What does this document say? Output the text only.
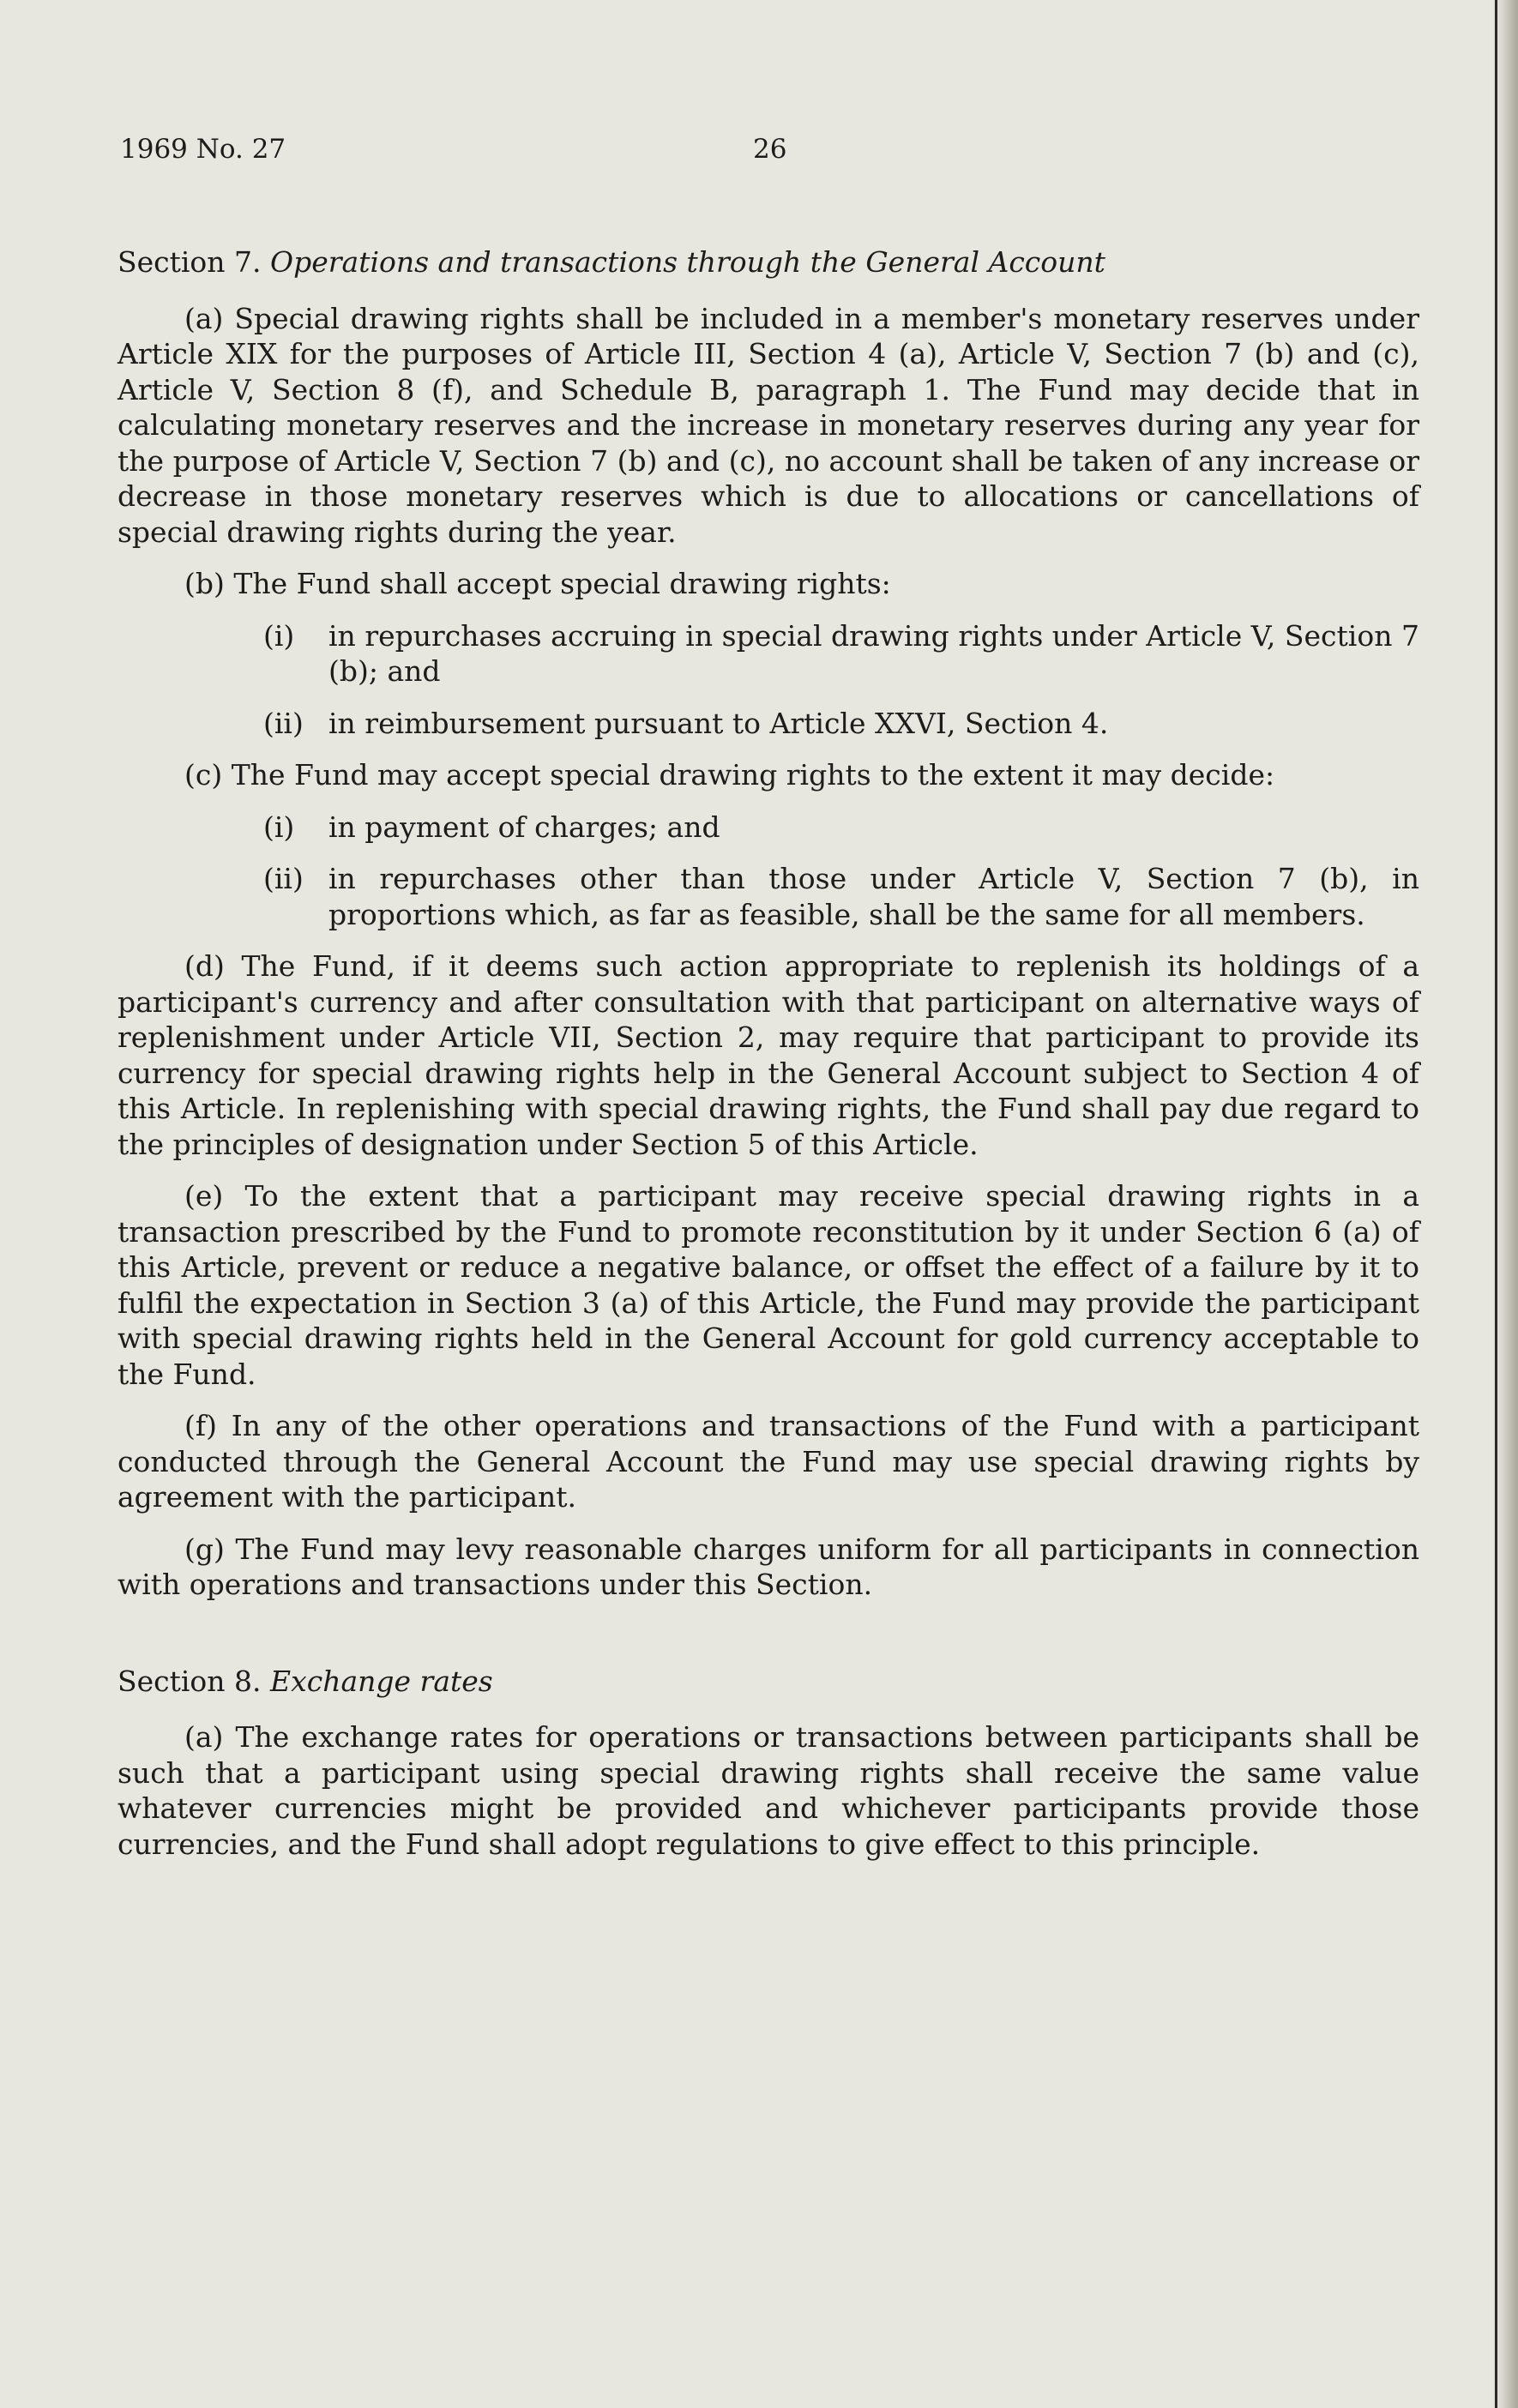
1969 No. 27	26
Section 7. Operations and transactions through the General Account

(a) Special drawing rights shall be included in a member's monetary reserves under Article XIX for the purposes of Article III, Section 4 (a), Article V, Section 7 (b) and (c), Article V, Section 8 (f), and Schedule B, paragraph 1. The Fund may decide that in calculating monetary reserves and the increase in monetary reserves during any year for the purpose of Article V, Section 7 (b) and (c), no account shall be taken of any increase or decrease in those monetary reserves which is due to allocations or cancellations of special drawing rights during the year.

(b) The Fund shall accept special drawing rights:

(i)	in repurchases accruing in special drawing rights under Article V, Section 7 (b); and
(ii) in reimbursement pursuant to Article XXVI, Section 4.

(c) The Fund may accept special drawing rights to the extent it may decide:

(i)	in payment of charges; and
(ii) in repurchases other than those under Article V, Section 7 (b), in proportions which, as far as feasible, shall be the same for all members.

(d) The Fund, if it deems such action appropriate to replenish its holdings of a participant's currency and after consultation with that participant on alternative ways of replenishment under Article VII, Section 2, may require that participant to provide its currency for special drawing rights help in the General Account subject to Section 4 of this Article. In replenishing with special drawing rights, the Fund shall pay due regard to the principles of designation under Section 5 of this Article.

(e) To the extent that a participant may receive special drawing rights in a transaction prescribed by the Fund to promote reconstitution by it under Section 6 (a) of this Article, prevent or reduce a negative balance, or offset the effect of a failure by it to fulfil the expectation in Section 3 (a) of this Article, the Fund may provide the participant with special drawing rights held in the General Account for gold currency acceptable to the Fund.

(f) In any of the other operations and transactions of the Fund with a participant conducted through the General Account the Fund may use special drawing rights by agreement with the participant.

(g) The Fund may levy reasonable charges uniform for all participants in connection with operations and transactions under this Section.

Section 8. Exchange rates

(a) The exchange rates for operations or transactions between participants shall be such that a participant using special drawing rights shall receive the same value whatever currencies might be provided and whichever participants provide those currencies, and the Fund shall adopt regulations to give effect to this principle.
